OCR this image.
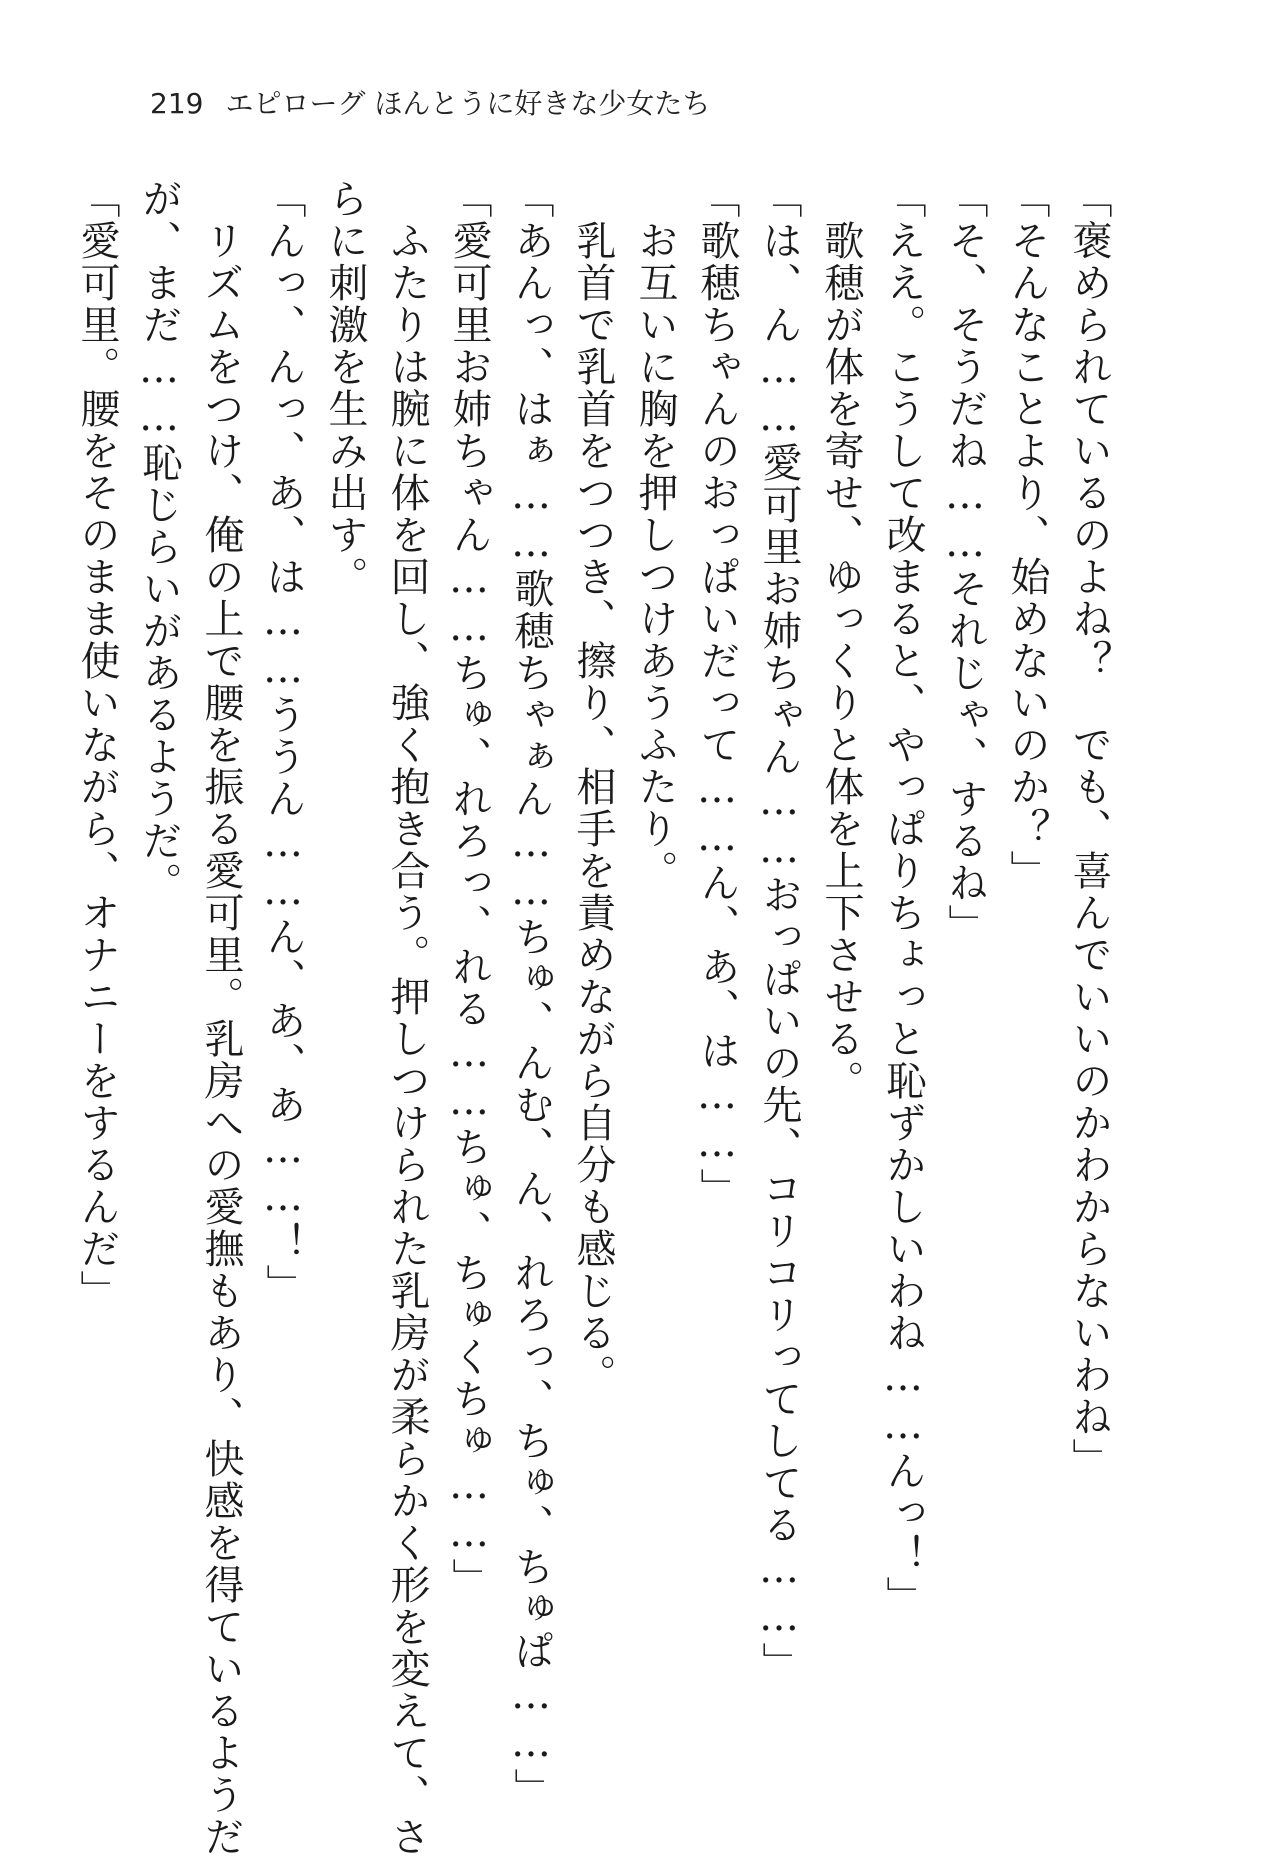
219 エピローグ ほんとうに好きな少女たち
「褒められているのよね？　でも、喜んでいいのかわからないわね」
「そんなことより、始めないのか？」
「そ、そうだね……それじゃ、するね」
「ええ。こうして改まると、やっぱりちょっと恥ずかしいわね……んっ！」
　歌穂が体を寄せ、ゆっくりと体を上下させる。
「は、ん……愛可里お姉ちゃん……おっぱいの先、コリコリってしてる……」
「歌穂ちゃんのおっぱいだって……ん、あ、は……」
　お互いに胸を押しつけあうふたり。
　乳首で乳首をつつき、擦り、相手を責めながら自分も感じる。
「あんっ、はぁ……歌穂ちゃぁん……ちゅ、んむ、ん、れろっ、ちゅ、ちゅぱ……」
「愛可里お姉ちゃん……ちゅ、れろっ、れる……ちゅ、ちゅくちゅ……」
　ふたりは腕に体を回し、強く抱き合う。押しつけられた乳房が柔らかく形を変えて、さ
らに刺激を生み出す。
「んっ、んっ、あ、は……ううん……ん、あ、あ……！」
　リズムをつけ、俺の上で腰を振る愛可里。乳房への愛撫もあり、快感を得ているようだ
が、まだ……恥じらいがあるようだ。
「愛可里。腰をそのまま使いながら、オナニーをするんだ」
